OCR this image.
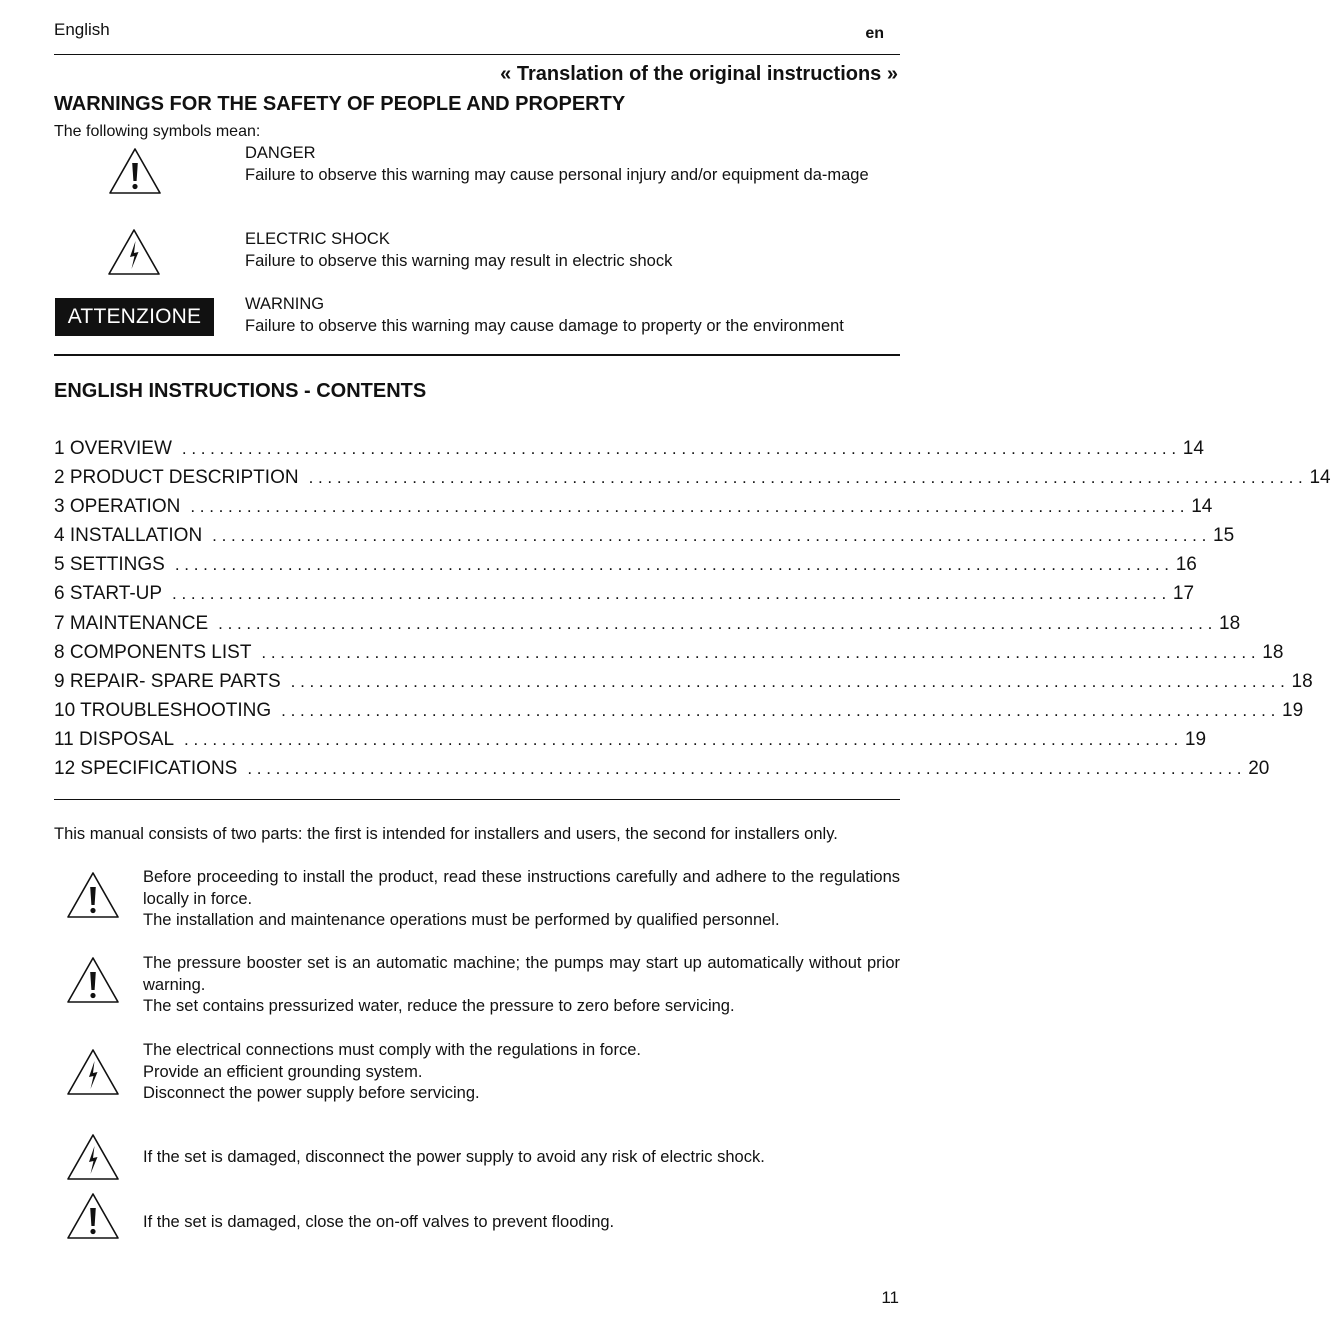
English	en
« Translation of the original instructions »
WARNINGS FOR THE SAFETY OF PEOPLE AND PROPERTY
The following symbols mean:
DANGER
Failure to observe this warning may cause personal injury and/or equipment da-mage
ELECTRIC SHOCK
Failure to observe this warning may result in electric shock
ATTENZIONE
WARNING
Failure to observe this warning may cause damage to property or the environment
ENGLISH INSTRUCTIONS - CONTENTS
1 OVERVIEW .......................................................................................................... 14
2 PRODUCT DESCRIPTION .......................................................................................................... 14
3 OPERATION .......................................................................................................... 14
4 INSTALLATION .......................................................................................................... 15
5 SETTINGS .......................................................................................................... 16
6 START-UP .......................................................................................................... 17
7 MAINTENANCE .......................................................................................................... 18
8 COMPONENTS LIST .......................................................................................................... 18
9 REPAIR- SPARE PARTS .......................................................................................................... 18
10 TROUBLESHOOTING .......................................................................................................... 19
11 DISPOSAL .......................................................................................................... 19
12 SPECIFICATIONS .......................................................................................................... 20
This manual consists of two parts: the first is intended for installers and users, the second for installers only.
Before proceeding to install the product, read these instructions carefully and adhere to the regulations locally in force.
The installation and maintenance operations must be performed by qualified personnel.
The pressure booster set is an automatic machine; the pumps may start up automatically without prior warning.
The set contains pressurized water, reduce the pressure to zero before servicing.
The electrical connections must comply with the regulations in force.
Provide an efficient grounding system.
Disconnect the power supply before servicing.
If the set is damaged, disconnect the power supply to avoid any risk of electric shock.
If the set is damaged, close the on-off valves to prevent flooding.
11
